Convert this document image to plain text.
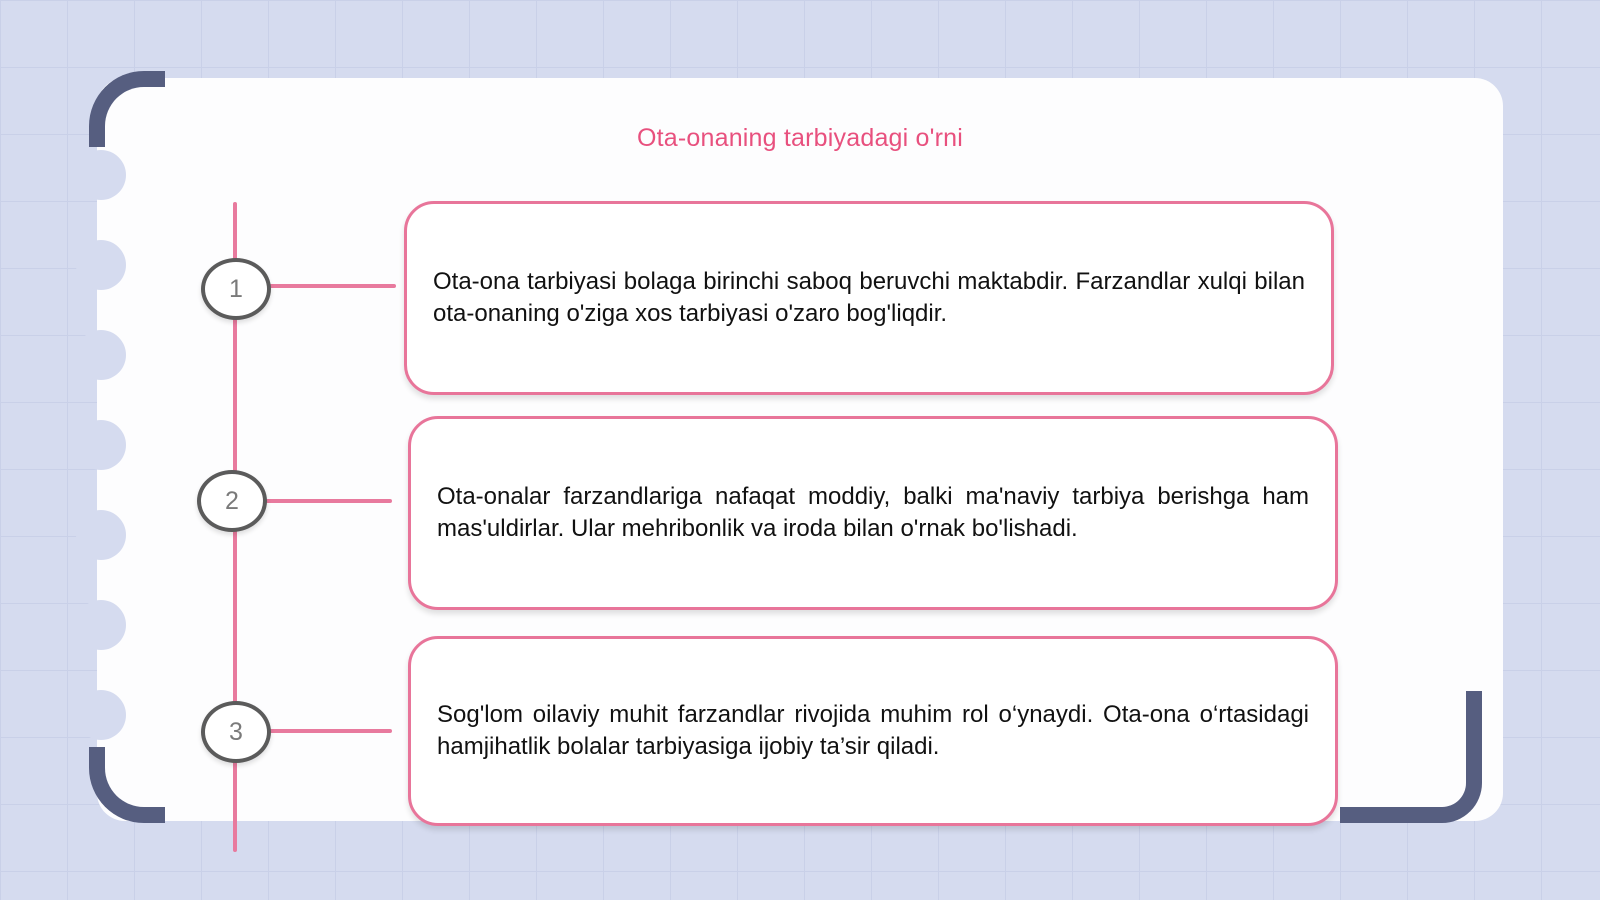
Ota-onaning tarbiyadagi o'rni
1
2
3

Ota-ona tarbiyasi bolaga birinchi saboq beruvchi maktabdir. Farzandlar xulqi bilan ota-onaning o'ziga xos tarbiyasi o'zaro bog'liqdir.

Ota-onalar farzandlariga nafaqat moddiy, balki ma'naviy tarbiya berishga ham mas'uldirlar. Ular mehribonlik va iroda bilan o'rnak bo'lishadi.

Sog'lom oilaviy muhit farzandlar rivojida muhim rol o‘ynaydi. Ota-ona o‘rtasidagi hamjihatlik bolalar tarbiyasiga ijobiy ta’sir qiladi.
